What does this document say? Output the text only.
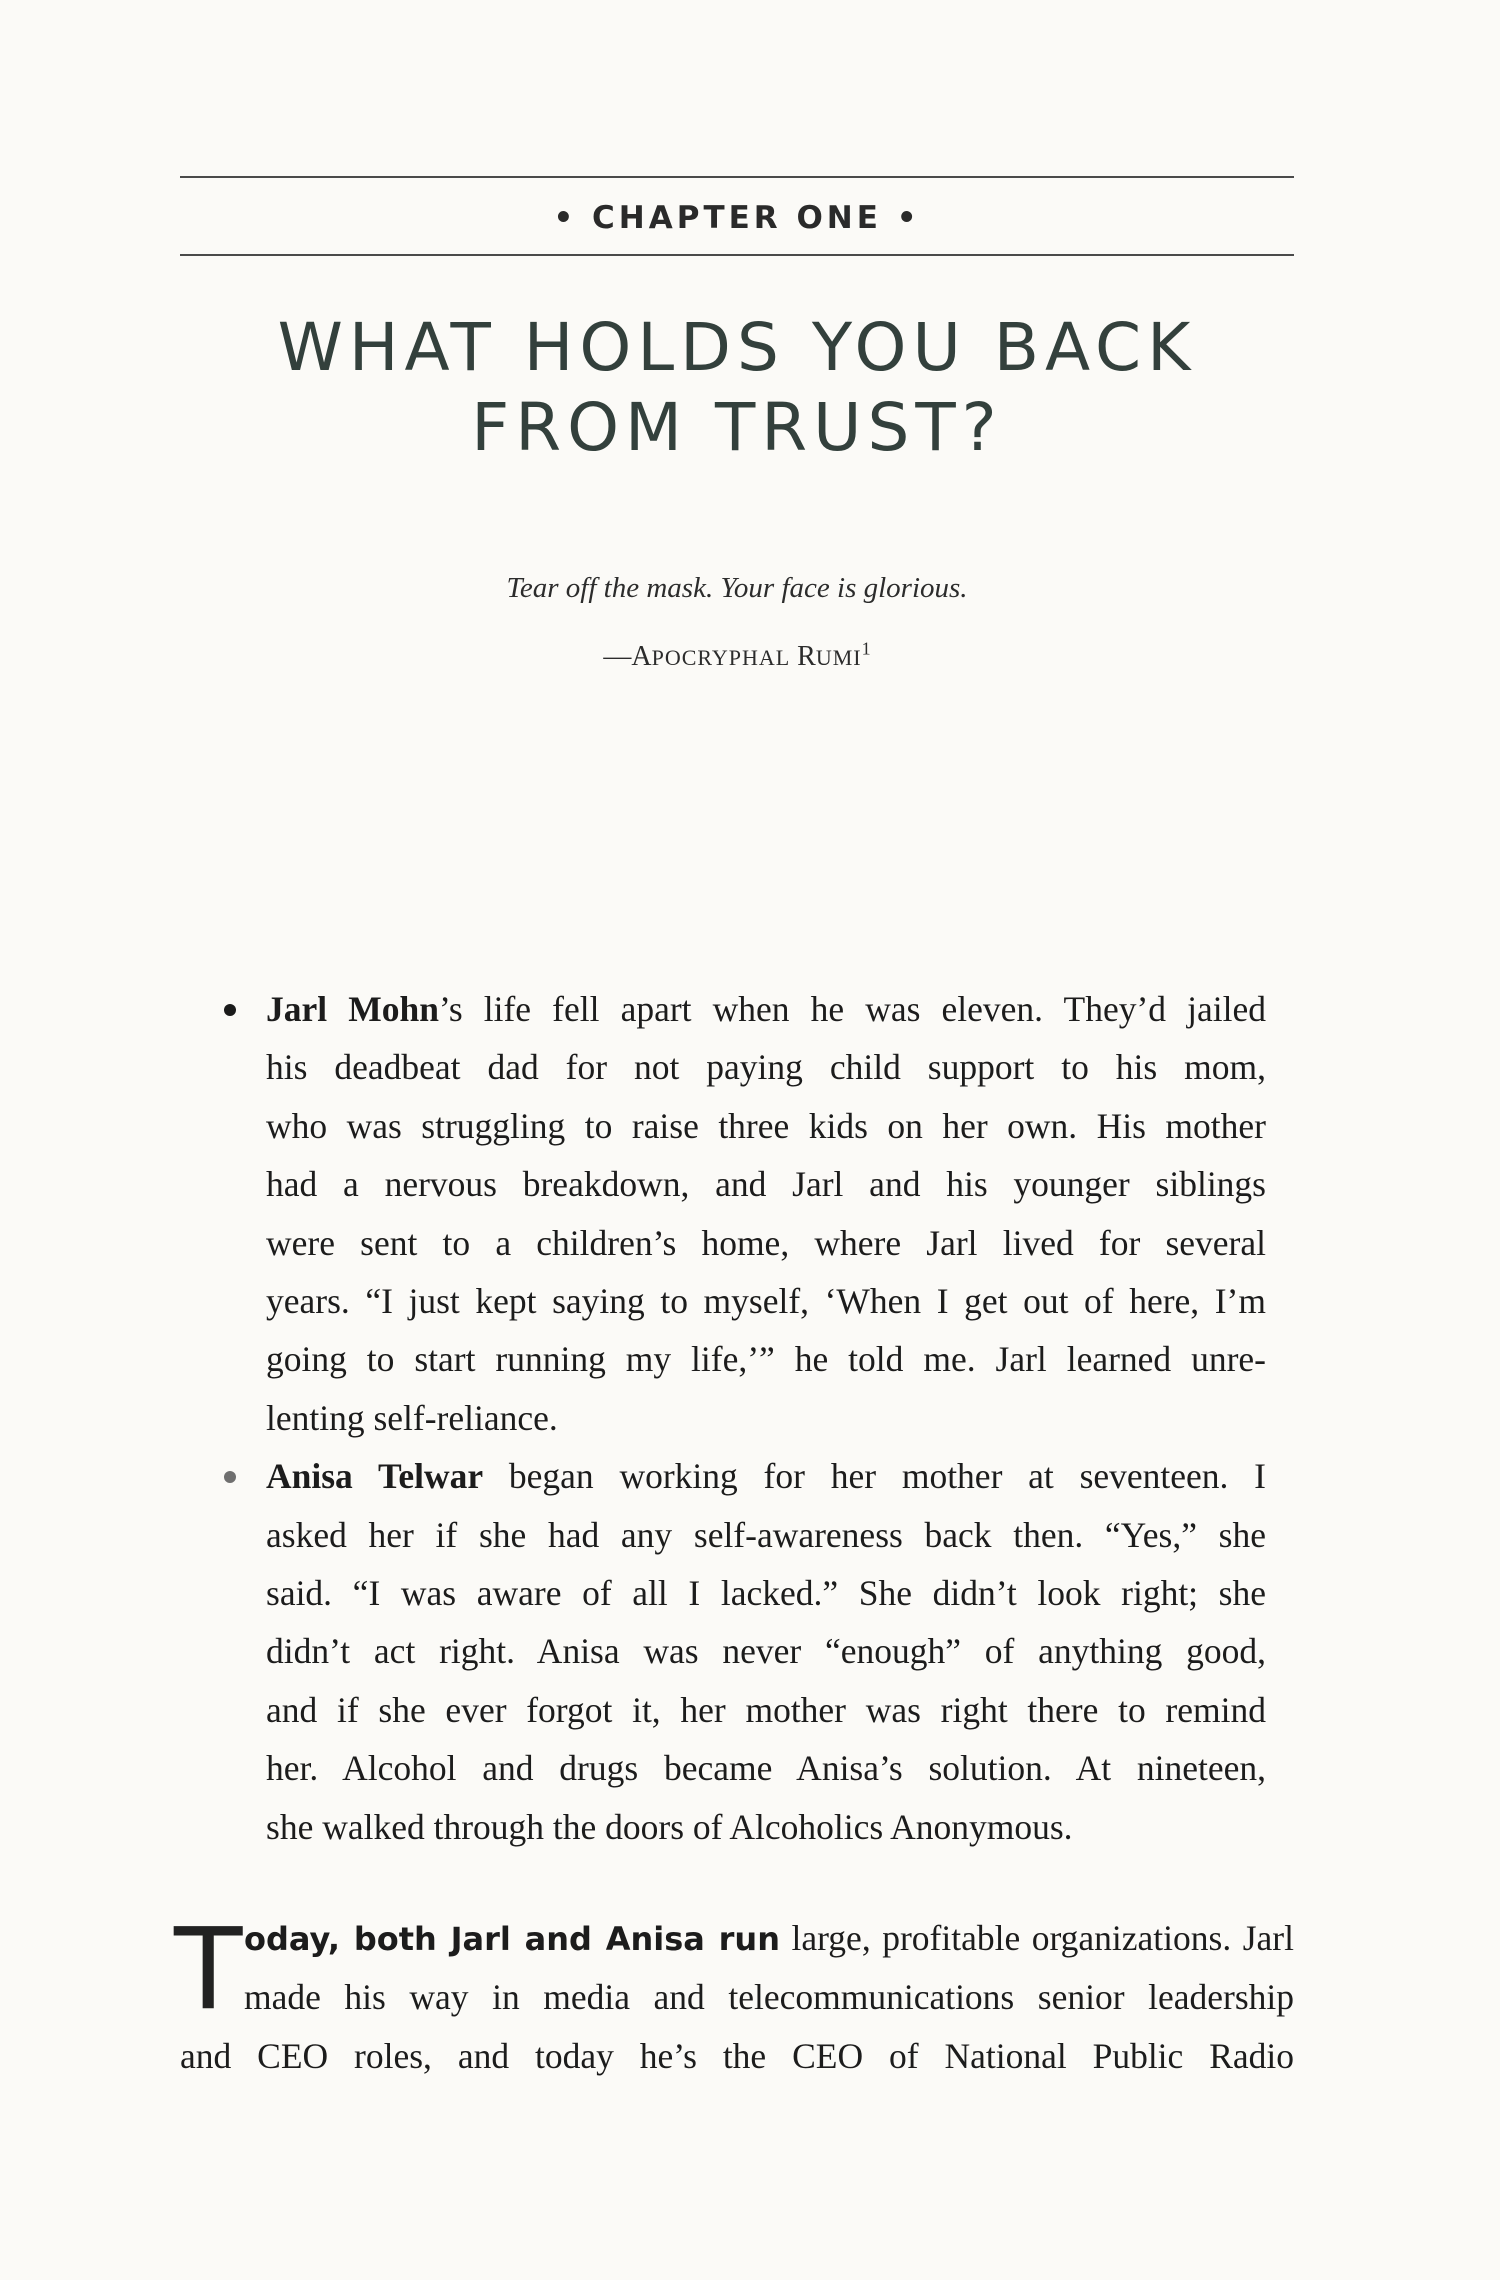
• CHAPTER ONE •
WHAT HOLDS YOU BACK
FROM TRUST?
Tear off the mask. Your face is glorious.
—APOCRYPHAL RUMI$^1$
Jarl Mohn’s life fell apart when he was eleven. They’d jailed
his deadbeat dad for not paying child support to his mom,
who was struggling to raise three kids on her own. His mother
had a nervous breakdown, and Jarl and his younger siblings
were sent to a children’s home, where Jarl lived for several
years. “I just kept saying to myself, ‘When I get out of here, I’m
going to start running my life,’” he told me. Jarl learned unre-
lenting self-reliance.
Anisa Telwar began working for her mother at seventeen. I
asked her if she had any self-awareness back then. “Yes,” she
said. “I was aware of all I lacked.” She didn’t look right; she
didn’t act right. Anisa was never “enough” of anything good,
and if she ever forgot it, her mother was right there to remind
her. Alcohol and drugs became Anisa’s solution. At nineteen,
she walked through the doors of Alcoholics Anonymous.
T oday, both Jarl and Anisa run large, profitable organizations. Jarl
made his way in media and telecommunications senior leadership
and CEO roles, and today he’s the CEO of National Public Radio
